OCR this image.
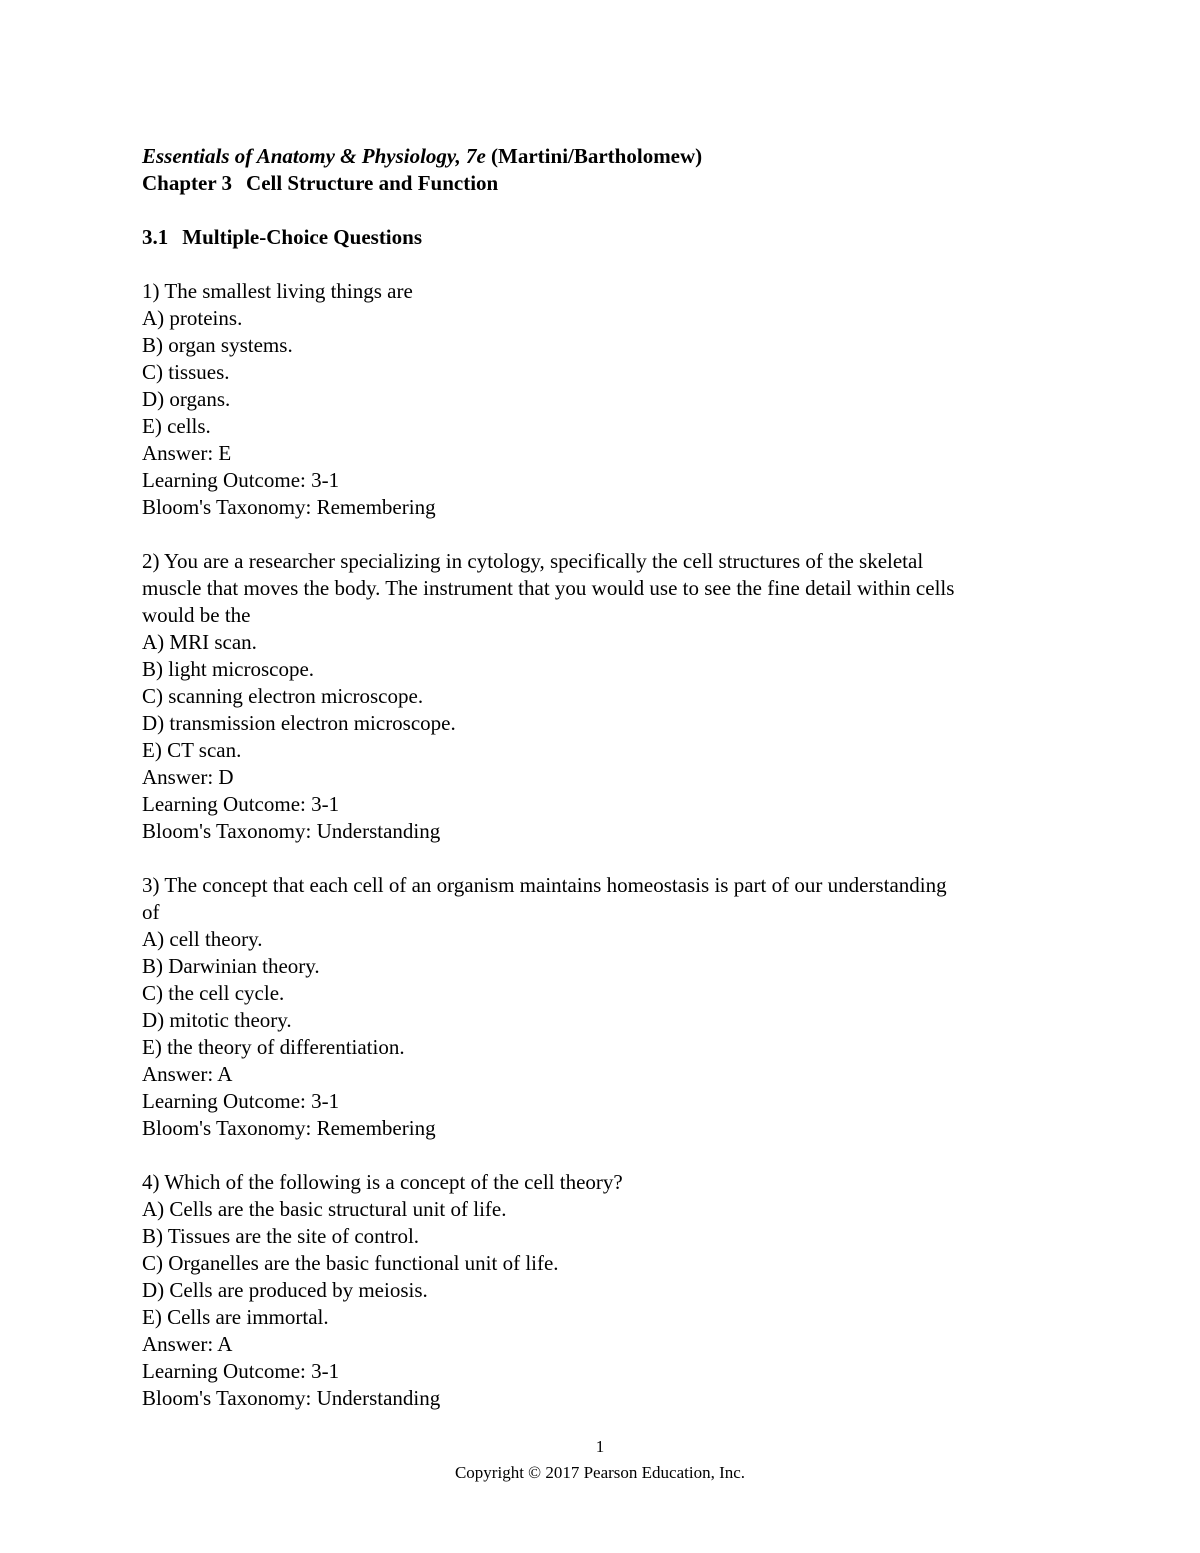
Essentials of Anatomy & Physiology, 7e (Martini/Bartholomew)
Chapter 3 Cell Structure and Function
3.1 Multiple-Choice Questions
1) The smallest living things are
A) proteins.
B) organ systems.
C) tissues.
D) organs.
E) cells.
Answer: E
Learning Outcome: 3-1
Bloom's Taxonomy: Remembering
2) You are a researcher specializing in cytology, specifically the cell structures of the skeletal
muscle that moves the body. The instrument that you would use to see the fine detail within cells
would be the
A) MRI scan.
B) light microscope.
C) scanning electron microscope.
D) transmission electron microscope.
E) CT scan.
Answer: D
Learning Outcome: 3-1
Bloom's Taxonomy: Understanding
3) The concept that each cell of an organism maintains homeostasis is part of our understanding
of
A) cell theory.
B) Darwinian theory.
C) the cell cycle.
D) mitotic theory.
E) the theory of differentiation.
Answer: A
Learning Outcome: 3-1
Bloom's Taxonomy: Remembering
4) Which of the following is a concept of the cell theory?
A) Cells are the basic structural unit of life.
B) Tissues are the site of control.
C) Organelles are the basic functional unit of life.
D) Cells are produced by meiosis.
E) Cells are immortal.
Answer: A
Learning Outcome: 3-1
Bloom's Taxonomy: Understanding
1
Copyright © 2017 Pearson Education, Inc.
